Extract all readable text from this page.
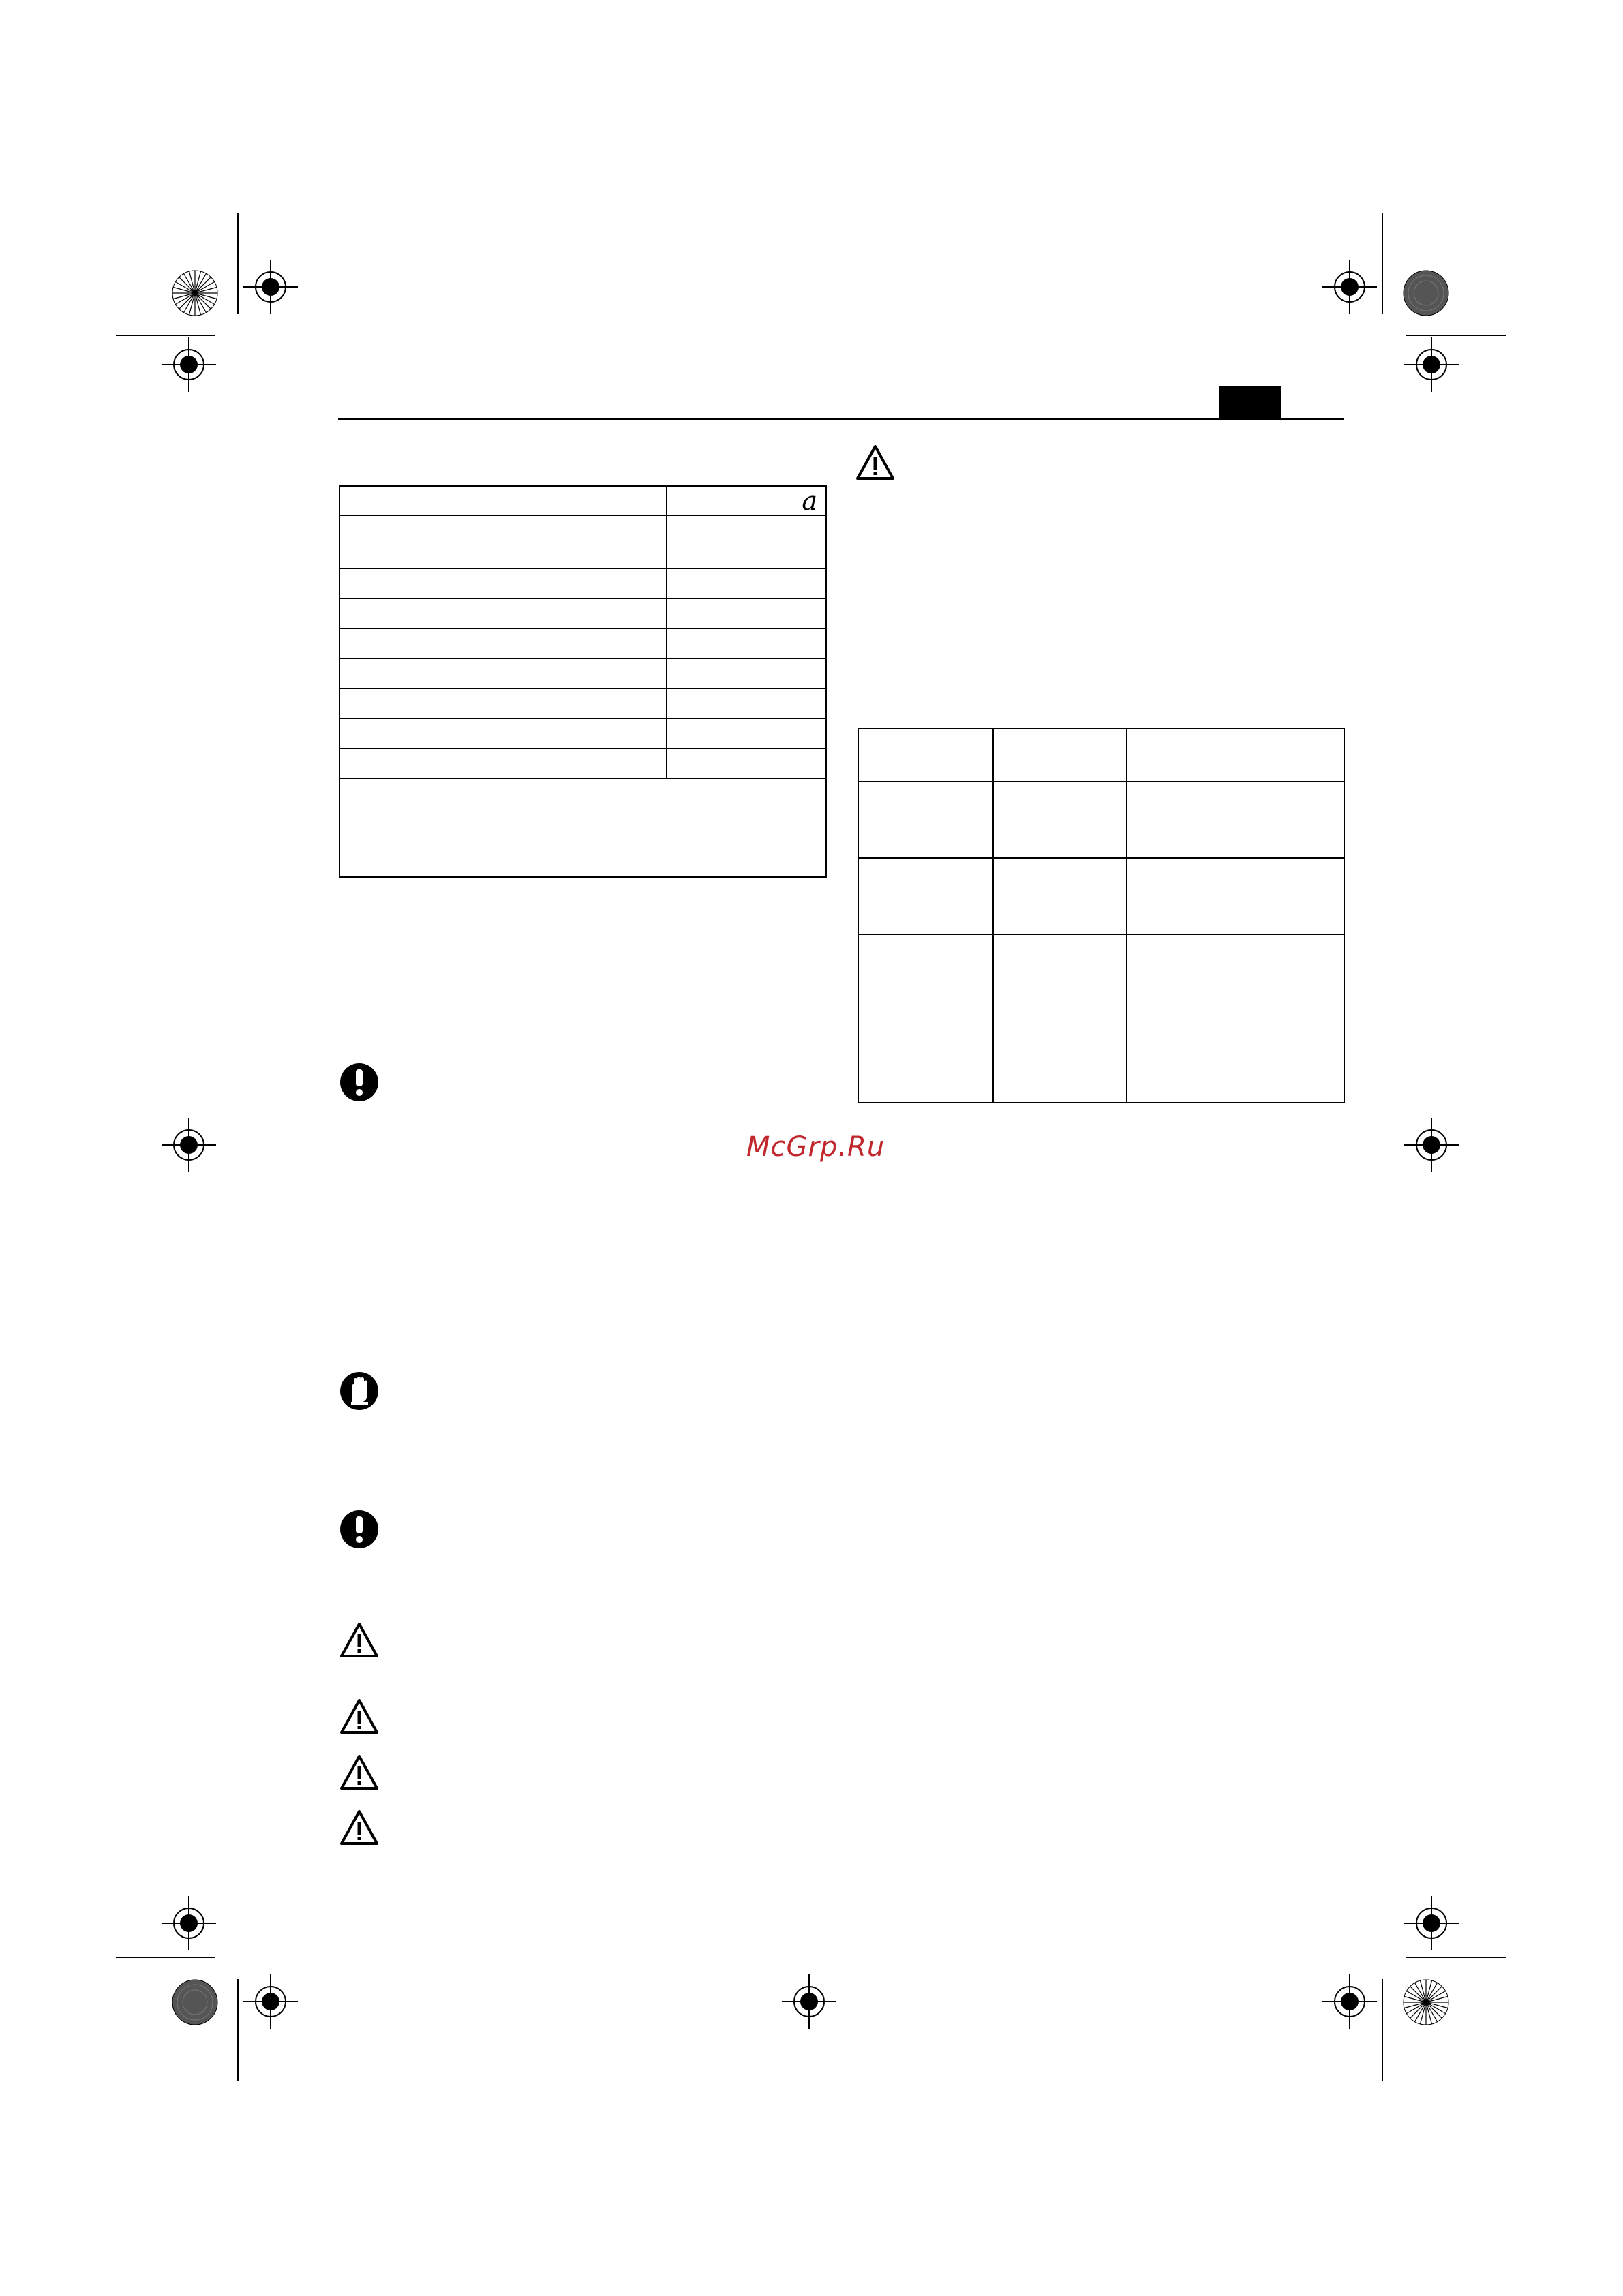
	a

McGrp.Ru
